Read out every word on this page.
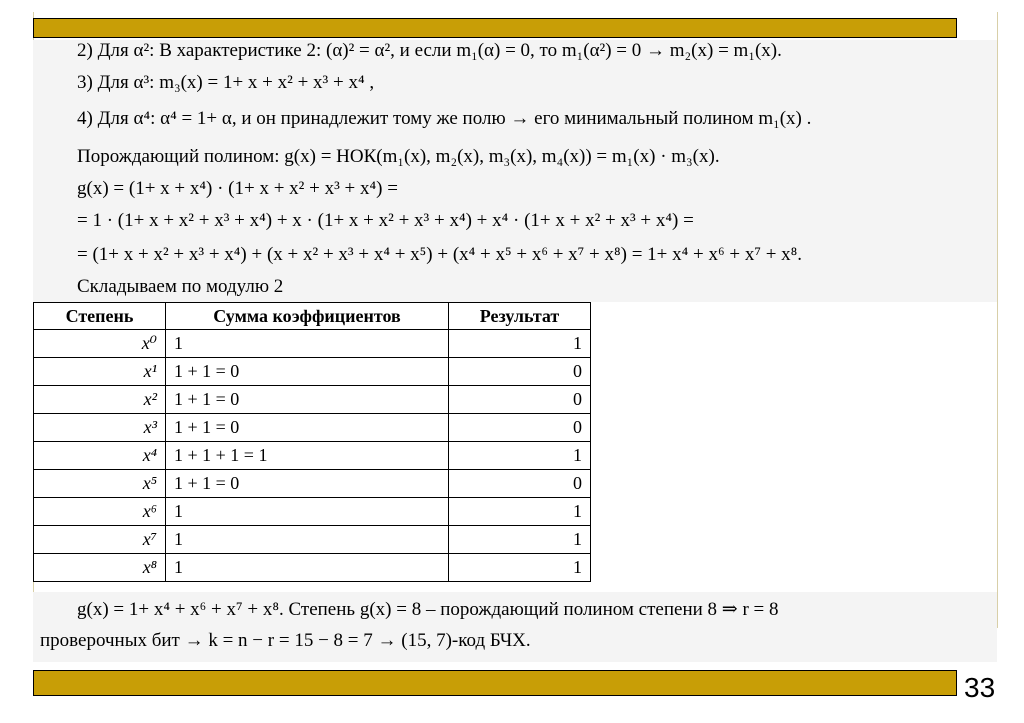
2) Для α²: В характеристике 2: (α)² = α², и если m₁(α) = 0, то m₁(α²) = 0 → m₂(x) = m₁(x).
3) Для α³: m₃(x) = 1+ x + x² + x³ + x⁴ ,
4) Для α⁴: α⁴ = 1+ α, и он принадлежит тому же полю → его минимальный полином m₁(x) .
Порождающий полином: g(x) = НОК(m₁(x), m₂(x), m₃(x), m₄(x)) = m₁(x) · m₃(x).
g(x) = (1+ x + x⁴) · (1+ x + x² + x³ + x⁴) =
= 1 · (1+ x + x² + x³ + x⁴) + x · (1+ x + x² + x³ + x⁴) + x⁴ · (1+ x + x² + x³ + x⁴) =
= (1+ x + x² + x³ + x⁴) + (x + x² + x³ + x⁴ + x⁵) + (x⁴ + x⁵ + x⁶ + x⁷ + x⁸) = 1+ x⁴ + x⁶ + x⁷ + x⁸.
Складываем по модулю 2
Степень	Сумма коэффициентов	Результат
x⁰	1	1
x¹	1 + 1 = 0	0
x²	1 + 1 = 0	0
x³	1 + 1 = 0	0
x⁴	1 + 1 + 1 = 1	1
x⁵	1 + 1 = 0	0
x⁶	1	1
x⁷	1	1
x⁸	1	1
g(x) = 1+ x⁴ + x⁶ + x⁷ + x⁸. Степень g(x) = 8 – порождающий полином степени 8 ⇒ r = 8
проверочных бит → k = n − r = 15 − 8 = 7 → (15, 7)-код БЧХ.
33
